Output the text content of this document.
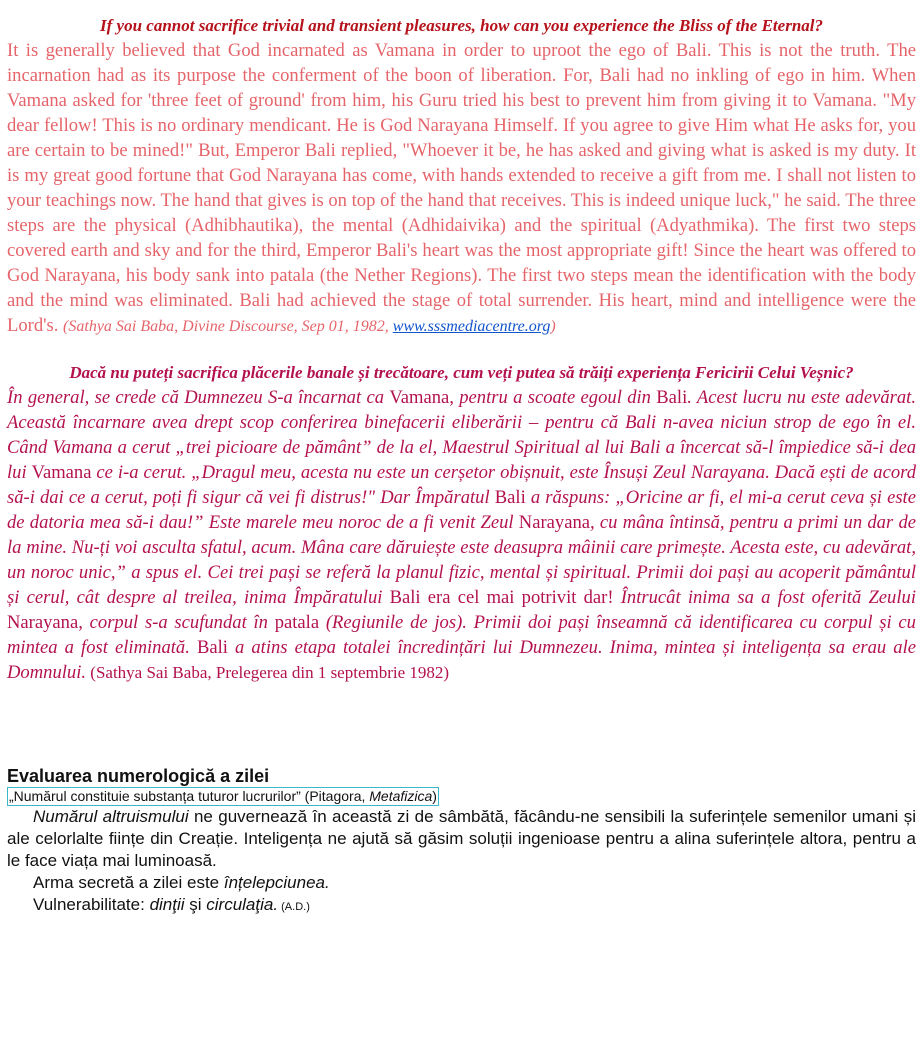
If you cannot sacrifice trivial and transient pleasures, how can you experience the Bliss of the Eternal?

It is generally believed that God incarnated as Vamana in order to uproot the ego of Bali. This is not the truth. The incarnation had as its purpose the conferment of the boon of liberation. For, Bali had no inkling of ego in him. When Vamana asked for 'three feet of ground' from him, his Guru tried his best to prevent him from giving it to Vamana. "My dear fellow! This is no ordinary mendicant. He is God Narayana Himself. If you agree to give Him what He asks for, you are certain to be mined!" But, Emperor Bali replied, "Whoever it be, he has asked and giving what is asked is my duty. It is my great good fortune that God Narayana has come, with hands extended to receive a gift from me. I shall not listen to your teachings now. The hand that gives is on top of the hand that receives. This is indeed unique luck," he said. The three steps are the physical (Adhibhautika), the mental (Adhidaivika) and the spiritual (Adyathmika). The first two steps covered earth and sky and for the third, Emperor Bali's heart was the most appropriate gift! Since the heart was offered to God Narayana, his body sank into patala (the Nether Regions). The first two steps mean the identification with the body and the mind was eliminated. Bali had achieved the stage of total surrender. His heart, mind and intelligence were the Lord's. (Sathya Sai Baba, Divine Discourse, Sep 01, 1982, www.sssmediacentre.org)

Dacă nu puteți sacrifica plăcerile banale și trecătoare, cum veți putea să trăiți experiența Fericirii Celui Veșnic?

În general, se crede că Dumnezeu S-a încarnat ca Vamana, pentru a scoate egoul din Bali. Acest lucru nu este adevărat. Această încarnare avea drept scop conferirea binefacerii eliberării – pentru că Bali n-avea niciun strop de ego în el. Când Vamana a cerut „trei picioare de pământ” de la el, Maestrul Spiritual al lui Bali a încercat să-l împiedice să-i dea lui Vamana ce i-a cerut. „Dragul meu, acesta nu este un cerșetor obișnuit, este Însuși Zeul Narayana. Dacă ești de acord să-i dai ce a cerut, poți fi sigur că vei fi distrus!" Dar Împăratul Bali a răspuns: „Oricine ar fi, el mi-a cerut ceva și este de datoria mea să-i dau!” Este marele meu noroc de a fi venit Zeul Narayana, cu mâna întinsă, pentru a primi un dar de la mine. Nu-ți voi asculta sfatul, acum. Mâna care dăruiește este deasupra mâinii care primește. Acesta este, cu adevărat, un noroc unic,” a spus el. Cei trei pași se referă la planul fizic, mental și spiritual. Primii doi pași au acoperit pământul și cerul, cât despre al treilea, inima Împăratului Bali era cel mai potrivit dar! Întrucât inima sa a fost oferită Zeului Narayana, corpul s-a scufundat în patala (Regiunile de jos). Primii doi pași înseamnă că identificarea cu corpul și cu mintea a fost eliminată. Bali a atins etapa totalei încredințări lui Dumnezeu. Inima, mintea și inteligența sa erau ale Domnului. (Sathya Sai Baba, Prelegerea din 1 septembrie 1982)

Evaluarea numerologică a zilei
„Numărul constituie substanța tuturor lucrurilor” (Pitagora, Metafizica)

Numărul altruismului ne guvernează în această zi de sâmbătă, făcându-ne sensibili la suferințele semenilor umani și ale celorlalte ființe din Creație. Inteligența ne ajută să găsim soluții ingenioase pentru a alina suferințele altora, pentru a le face viața mai luminoasă.

Arma secretă a zilei este înțelepciunea.

Vulnerabilitate: dinţii şi circulaţia. (A.D.)
